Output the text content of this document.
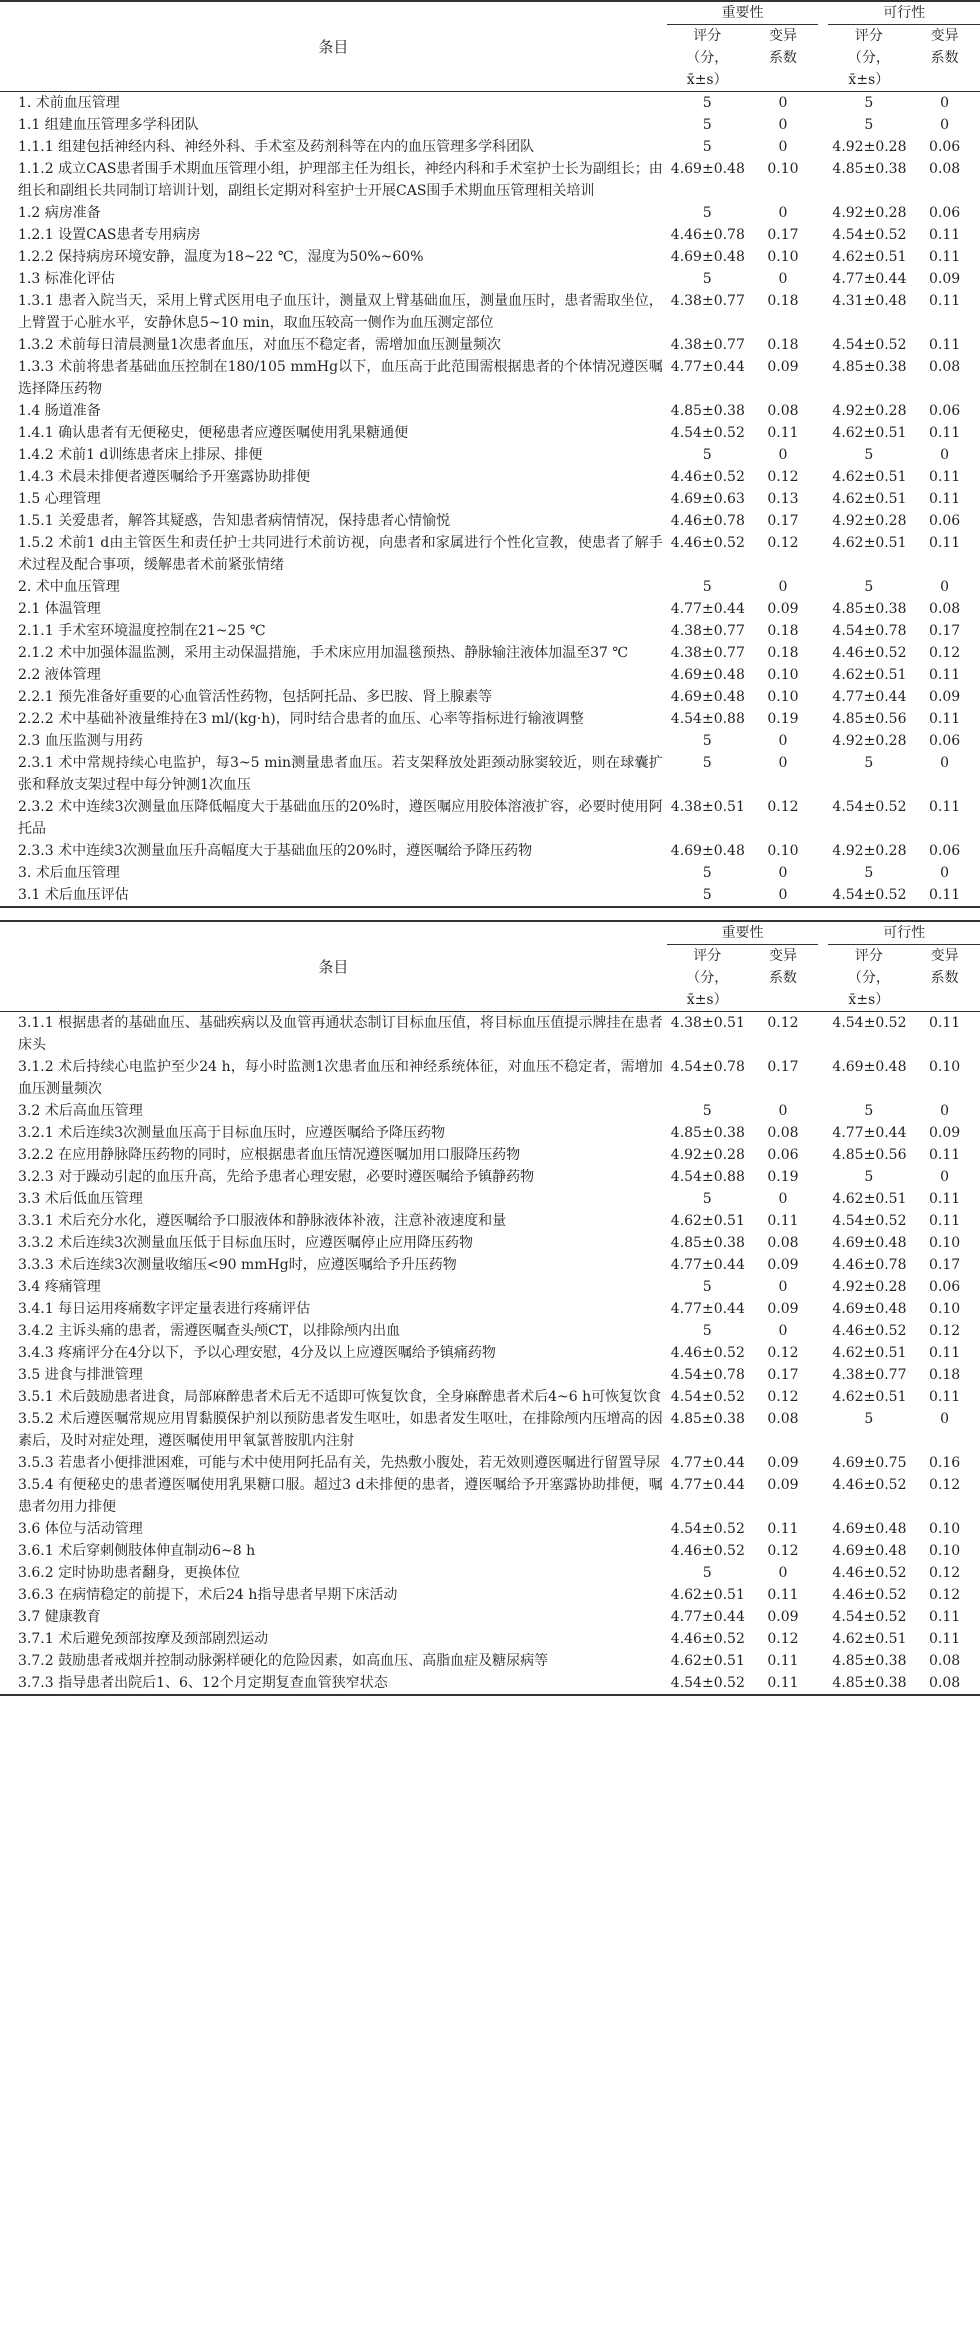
条目	重要性			可行性	
	评分	变异		评分	变异
	（分，x̄±s）	系数		（分，x̄±s）	系数
1. 术前血压管理	5	0		5	0
1.1 组建血压管理多学科团队	5	0		5	0
1.1.1 组建包括神经内科、神经外科、手术室及药剂科等在内的血压管理多学科团队	5	0		4.92±0.28	0.06
1.1.2 成立CAS患者围手术期血压管理小组，护理部主任为组长，神经内科和手术室护士长为副组长；由组长和副组长共同制订培训计划，副组长定期对科室护士开展CAS围手术期血压管理相关培训	4.69±0.48	0.10		4.85±0.38	0.08
1.2 病房准备	5	0		4.92±0.28	0.06
1.2.1 设置CAS患者专用病房	4.46±0.78	0.17		4.54±0.52	0.11
1.2.2 保持病房环境安静，温度为18~22 ℃，湿度为50%~60%	4.69±0.48	0.10		4.62±0.51	0.11
1.3 标准化评估	5	0		4.77±0.44	0.09
1.3.1 患者入院当天，采用上臂式医用电子血压计，测量双上臂基础血压，测量血压时，患者需取坐位，上臂置于心脏水平，安静休息5~10 min，取血压较高一侧作为血压测定部位	4.38±0.77	0.18		4.31±0.48	0.11
1.3.2 术前每日清晨测量1次患者血压，对血压不稳定者，需增加血压测量频次	4.38±0.77	0.18		4.54±0.52	0.11
1.3.3 术前将患者基础血压控制在180/105 mmHg以下，血压高于此范围需根据患者的个体情况遵医嘱选择降压药物	4.77±0.44	0.09		4.85±0.38	0.08
1.4 肠道准备	4.85±0.38	0.08		4.92±0.28	0.06
1.4.1 确认患者有无便秘史，便秘患者应遵医嘱使用乳果糖通便	4.54±0.52	0.11		4.62±0.51	0.11
1.4.2 术前1 d训练患者床上排尿、排便	5	0		5	0
1.4.3 术晨未排便者遵医嘱给予开塞露协助排便	4.46±0.52	0.12		4.62±0.51	0.11
1.5 心理管理	4.69±0.63	0.13		4.62±0.51	0.11
1.5.1 关爱患者，解答其疑惑，告知患者病情情况，保持患者心情愉悦	4.46±0.78	0.17		4.92±0.28	0.06
1.5.2 术前1 d由主管医生和责任护士共同进行术前访视，向患者和家属进行个性化宣教，使患者了解手术过程及配合事项，缓解患者术前紧张情绪	4.46±0.52	0.12		4.62±0.51	0.11
2. 术中血压管理	5	0		5	0
2.1 体温管理	4.77±0.44	0.09		4.85±0.38	0.08
2.1.1 手术室环境温度控制在21~25 ℃	4.38±0.77	0.18		4.54±0.78	0.17
2.1.2 术中加强体温监测，采用主动保温措施，手术床应用加温毯预热、静脉输注液体加温至37 ℃	4.38±0.77	0.18		4.46±0.52	0.12
2.2 液体管理	4.69±0.48	0.10		4.62±0.51	0.11
2.2.1 预先准备好重要的心血管活性药物，包括阿托品、多巴胺、肾上腺素等	4.69±0.48	0.10		4.77±0.44	0.09
2.2.2 术中基础补液量维持在3 ml/(kg·h)，同时结合患者的血压、心率等指标进行输液调整	4.54±0.88	0.19		4.85±0.56	0.11
2.3 血压监测与用药	5	0		4.92±0.28	0.06
2.3.1 术中常规持续心电监护，每3~5 min测量患者血压。若支架释放处距颈动脉窦较近，则在球囊扩张和释放支架过程中每分钟测1次血压	5	0		5	0
2.3.2 术中连续3次测量血压降低幅度大于基础血压的20%时，遵医嘱应用胶体溶液扩容，必要时使用阿托品	4.38±0.51	0.12		4.54±0.52	0.11
2.3.3 术中连续3次测量血压升高幅度大于基础血压的20%时，遵医嘱给予降压药物	4.69±0.48	0.10		4.92±0.28	0.06
3. 术后血压管理	5	0		5	0
3.1 术后血压评估	5	0		4.54±0.52	0.11
条目	重要性			可行性	
	评分	变异		评分	变异
	（分，x̄±s）	系数		（分，x̄±s）	系数
3.1.1 根据患者的基础血压、基础疾病以及血管再通状态制订目标血压值，将目标血压值提示牌挂在患者床头	4.38±0.51	0.12		4.54±0.52	0.11
3.1.2 术后持续心电监护至少24 h，每小时监测1次患者血压和神经系统体征，对血压不稳定者，需增加血压测量频次	4.54±0.78	0.17		4.69±0.48	0.10
3.2 术后高血压管理	5	0		5	0
3.2.1 术后连续3次测量血压高于目标血压时，应遵医嘱给予降压药物	4.85±0.38	0.08		4.77±0.44	0.09
3.2.2 在应用静脉降压药物的同时，应根据患者血压情况遵医嘱加用口服降压药物	4.92±0.28	0.06		4.85±0.56	0.11
3.2.3 对于躁动引起的血压升高，先给予患者心理安慰，必要时遵医嘱给予镇静药物	4.54±0.88	0.19		5	0
3.3 术后低血压管理	5	0		4.62±0.51	0.11
3.3.1 术后充分水化，遵医嘱给予口服液体和静脉液体补液，注意补液速度和量	4.62±0.51	0.11		4.54±0.52	0.11
3.3.2 术后连续3次测量血压低于目标血压时，应遵医嘱停止应用降压药物	4.85±0.38	0.08		4.69±0.48	0.10
3.3.3 术后连续3次测量收缩压<90 mmHg时，应遵医嘱给予升压药物	4.77±0.44	0.09		4.46±0.78	0.17
3.4 疼痛管理	5	0		4.92±0.28	0.06
3.4.1 每日运用疼痛数字评定量表进行疼痛评估	4.77±0.44	0.09		4.69±0.48	0.10
3.4.2 主诉头痛的患者，需遵医嘱查头颅CT，以排除颅内出血	5	0		4.46±0.52	0.12
3.4.3 疼痛评分在4分以下，予以心理安慰，4分及以上应遵医嘱给予镇痛药物	4.46±0.52	0.12		4.62±0.51	0.11
3.5 进食与排泄管理	4.54±0.78	0.17		4.38±0.77	0.18
3.5.1 术后鼓励患者进食，局部麻醉患者术后无不适即可恢复饮食，全身麻醉患者术后4~6 h可恢复饮食	4.54±0.52	0.12		4.62±0.51	0.11
3.5.2 术后遵医嘱常规应用胃黏膜保护剂以预防患者发生呕吐，如患者发生呕吐，在排除颅内压增高的因素后，及时对症处理，遵医嘱使用甲氧氯普胺肌内注射	4.85±0.38	0.08		5	0
3.5.3 若患者小便排泄困难，可能与术中使用阿托品有关，先热敷小腹处，若无效则遵医嘱进行留置导尿	4.77±0.44	0.09		4.69±0.75	0.16
3.5.4 有便秘史的患者遵医嘱使用乳果糖口服。超过3 d未排便的患者，遵医嘱给予开塞露协助排便，嘱患者勿用力排便	4.77±0.44	0.09		4.46±0.52	0.12
3.6 体位与活动管理	4.54±0.52	0.11		4.69±0.48	0.10
3.6.1 术后穿刺侧肢体伸直制动6~8 h	4.46±0.52	0.12		4.69±0.48	0.10
3.6.2 定时协助患者翻身，更换体位	5	0		4.46±0.52	0.12
3.6.3 在病情稳定的前提下，术后24 h指导患者早期下床活动	4.62±0.51	0.11		4.46±0.52	0.12
3.7 健康教育	4.77±0.44	0.09		4.54±0.52	0.11
3.7.1 术后避免颈部按摩及颈部剧烈运动	4.46±0.52	0.12		4.62±0.51	0.11
3.7.2 鼓励患者戒烟并控制动脉粥样硬化的危险因素，如高血压、高脂血症及糖尿病等	4.62±0.51	0.11		4.85±0.38	0.08
3.7.3 指导患者出院后1、6、12个月定期复查血管狭窄状态	4.54±0.52	0.11		4.85±0.38	0.08
